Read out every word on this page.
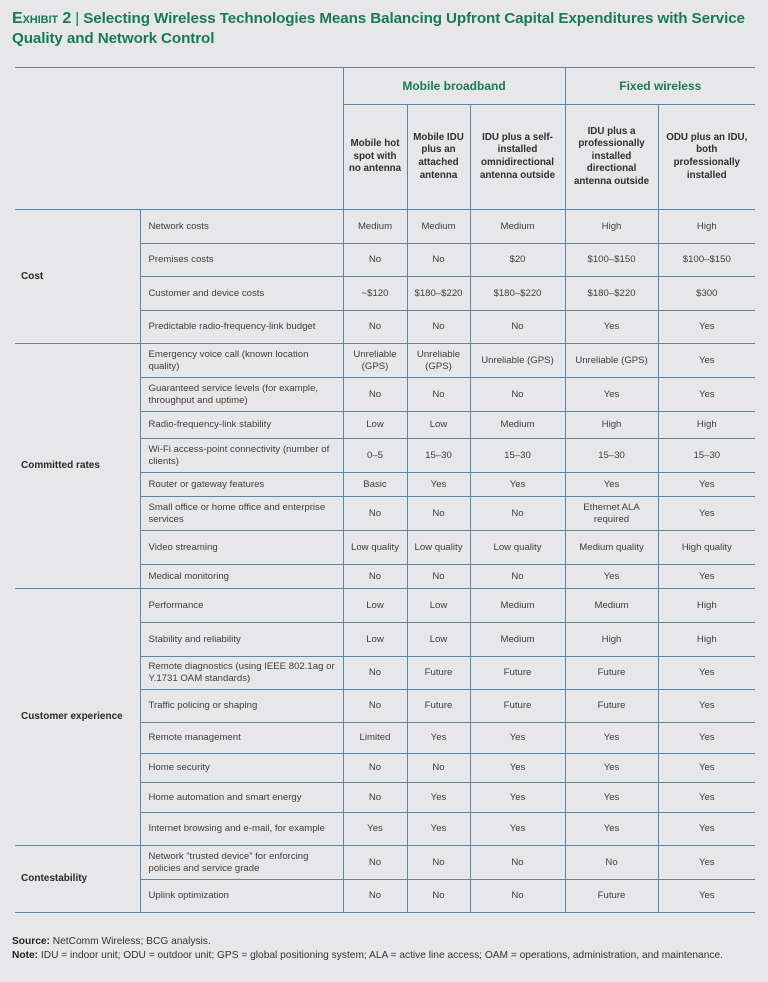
Exhibit 2 | Selecting Wireless Technologies Means Balancing Upfront Capital Expenditures with Service Quality and Network Control
		Mobile broadband			Fixed wireless	
		Mobile hot spot with no antenna	Mobile IDU plus an attached antenna	IDU plus a self-installed omnidirectional antenna outside	IDU plus a professionally installed directional antenna outside	ODU plus an IDU, both professionally installed
Cost	Network costs	Medium	Medium	Medium	High	High
	Premises costs	No	No	$20	$100–$150	$100–$150
	Customer and device costs	~$120	$180–$220	$180–$220	$180–$220	$300
	Predictable radio-frequency-link budget	No	No	No	Yes	Yes
Committed rates	Emergency voice call (known location quality)	Unreliable (GPS)	Unreliable (GPS)	Unreliable (GPS)	Unreliable (GPS)	Yes
	Guaranteed service levels (for example, throughput and uptime)	No	No	No	Yes	Yes
	Radio-frequency-link stability	Low	Low	Medium	High	High
	Wi-Fi access-point connectivity (number of clients)	0–5	15–30	15–30	15–30	15–30
	Router or gateway features	Basic	Yes	Yes	Yes	Yes
	Small office or home office and enterprise services	No	No	No	Ethernet ALA required	Yes
	Video streaming	Low quality	Low quality	Low quality	Medium quality	High quality
	Medical monitoring	No	No	No	Yes	Yes
Customer experience	Performance	Low	Low	Medium	Medium	High
	Stability and reliability	Low	Low	Medium	High	High
	Remote diagnostics (using IEEE 802.1ag or Y.1731 OAM standards)	No	Future	Future	Future	Yes
	Traffic policing or shaping	No	Future	Future	Future	Yes
	Remote management	Limited	Yes	Yes	Yes	Yes
	Home security	No	No	Yes	Yes	Yes
	Home automation and smart energy	No	Yes	Yes	Yes	Yes
	Internet browsing and e-mail, for example	Yes	Yes	Yes	Yes	Yes
Contestability	Network “trusted device” for enforcing policies and service grade	No	No	No	No	Yes
	Uplink optimization	No	No	No	Future	Yes
Source: NetComm Wireless; BCG analysis.
Note: IDU = indoor unit; ODU = outdoor unit; GPS = global positioning system; ALA = active line access; OAM = operations, administration, and maintenance.
